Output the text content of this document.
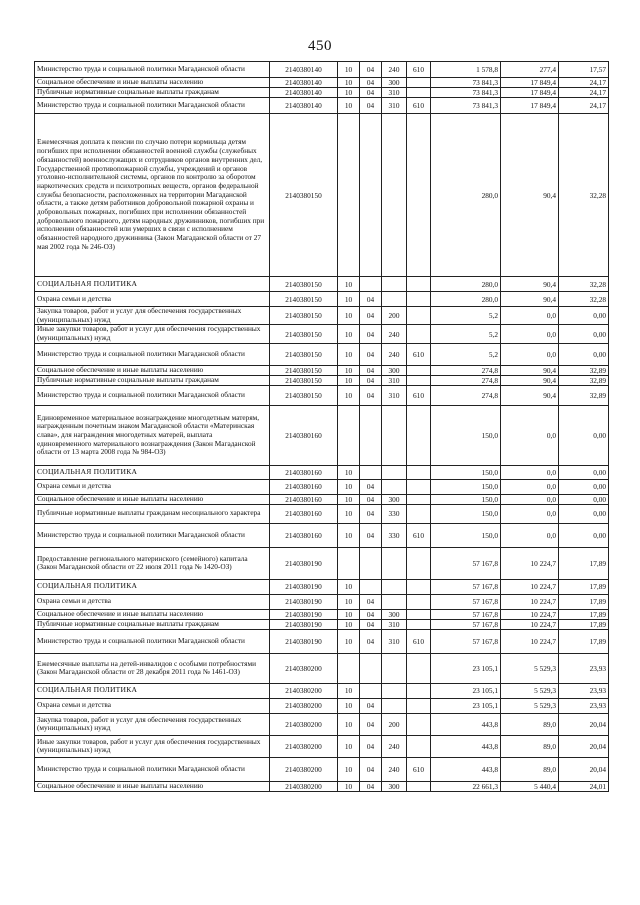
450
Министерство труда и социальной политики Магаданской области	2140380140	10	04	240	610	1 578,8	277,4	17,57
Социальное обеспечение и иные выплаты населению	2140380140	10	04	300		73 841,3	17 849,4	24,17
Публичные нормативные социальные выплаты гражданам	2140380140	10	04	310		73 841,3	17 849,4	24,17
Министерство труда и социальной политики Магаданской области	2140380140	10	04	310	610	73 841,3	17 849,4	24,17
Ежемесячная доплата к пенсии по случаю потери кормильца детям погибших при исполнении обязанностей военной службы (служебных обязанностей) военнослужащих и сотрудников органов внутренних дел, Государственной противопожарной службы, учреждений и органов уголовно-исполнительной системы, органов по контролю за оборотом наркотических средств и психотропных веществ, органов федеральной службы безопасности, расположенных на территории Магаданской области, а также детям работников добровольной пожарной охраны и добровольных пожарных, погибших при исполнении обязанностей добровольного пожарного, детям народных дружинников, погибших при исполнении обязанностей или умерших в связи с исполнением обязанностей народного дружинника (Закон Магаданской области от 27 мая 2002 года № 246-ОЗ)	2140380150					280,0	90,4	32,28
СОЦИАЛЬНАЯ ПОЛИТИКА	2140380150	10				280,0	90,4	32,28
Охрана семьи и детства	2140380150	10	04			280,0	90,4	32,28
Закупка товаров, работ и услуг для обеспечения государственных (муниципальных) нужд	2140380150	10	04	200		5,2	0,0	0,00
Иные закупки товаров, работ и услуг для обеспечения государственных (муниципальных) нужд	2140380150	10	04	240		5,2	0,0	0,00
Министерство труда и социальной политики Магаданской области	2140380150	10	04	240	610	5,2	0,0	0,00
Социальное обеспечение и иные выплаты населению	2140380150	10	04	300		274,8	90,4	32,89
Публичные нормативные социальные выплаты гражданам	2140380150	10	04	310		274,8	90,4	32,89
Министерство труда и социальной политики Магаданской области	2140380150	10	04	310	610	274,8	90,4	32,89
Единовременное материальное вознаграждение многодетным матерям, награжденным почетным знаком Магаданской области «Материнская слава», для награждения многодетных матерей, выплата единовременного материального вознаграждения (Закон Магаданской области от 13 марта 2008 года № 984-ОЗ)	2140380160					150,0	0,0	0,00
СОЦИАЛЬНАЯ ПОЛИТИКА	2140380160	10				150,0	0,0	0,00
Охрана семьи и детства	2140380160	10	04			150,0	0,0	0,00
Социальное обеспечение и иные выплаты населению	2140380160	10	04	300		150,0	0,0	0,00
Публичные нормативные выплаты гражданам несоциального характера	2140380160	10	04	330		150,0	0,0	0,00
Министерство труда и социальной политики Магаданской области	2140380160	10	04	330	610	150,0	0,0	0,00
Предоставление регионального материнского (семейного) капитала (Закон Магаданской области от 22 июля 2011 года № 1420-ОЗ)	2140380190					57 167,8	10 224,7	17,89
СОЦИАЛЬНАЯ ПОЛИТИКА	2140380190	10				57 167,8	10 224,7	17,89
Охрана семьи и детства	2140380190	10	04			57 167,8	10 224,7	17,89
Социальное обеспечение и иные выплаты населению	2140380190	10	04	300		57 167,8	10 224,7	17,89
Публичные нормативные социальные выплаты гражданам	2140380190	10	04	310		57 167,8	10 224,7	17,89
Министерство труда и социальной политики Магаданской области	2140380190	10	04	310	610	57 167,8	10 224,7	17,89
Ежемесячные выплаты на детей-инвалидов с особыми потребностями (Закон Магаданской области от 28 декабря 2011 года № 1461-ОЗ)	2140380200					23 105,1	5 529,3	23,93
СОЦИАЛЬНАЯ ПОЛИТИКА	2140380200	10				23 105,1	5 529,3	23,93
Охрана семьи и детства	2140380200	10	04			23 105,1	5 529,3	23,93
Закупка товаров, работ и услуг для обеспечения государственных (муниципальных) нужд	2140380200	10	04	200		443,8	89,0	20,04
Иные закупки товаров, работ и услуг для обеспечения государственных (муниципальных) нужд	2140380200	10	04	240		443,8	89,0	20,04
Министерство труда и социальной политики Магаданской области	2140380200	10	04	240	610	443,8	89,0	20,04
Социальное обеспечение и иные выплаты населению	2140380200	10	04	300		22 661,3	5 440,4	24,01
